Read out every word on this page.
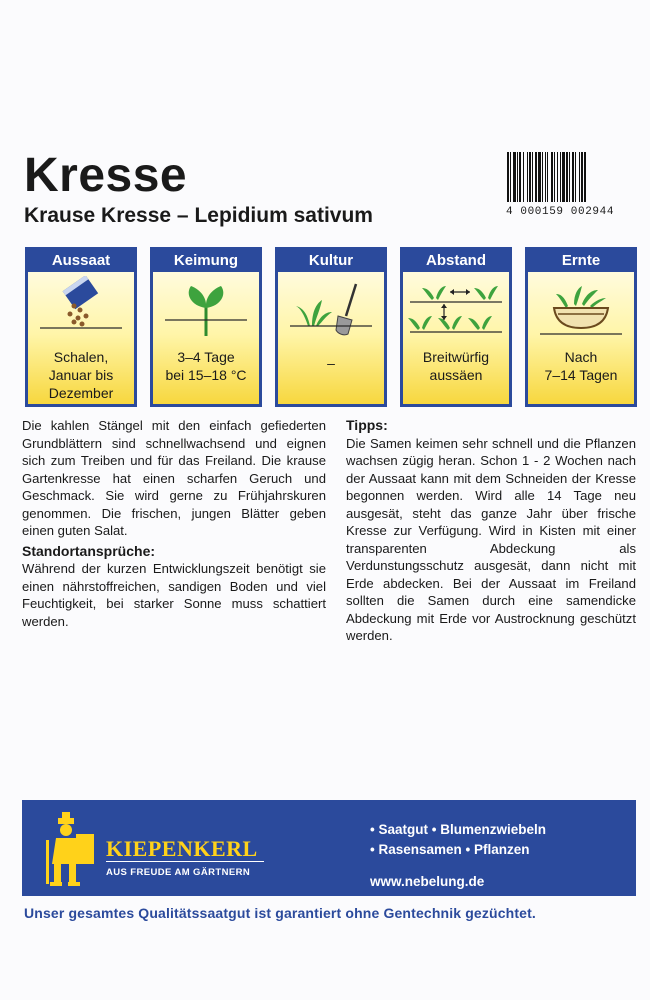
Kresse
Krause Kresse – Lepidium sativum	4 000159 002944
Aussaat
Schalen,
Januar bis
Dezember
Keimung
3–4 Tage
bei 15–18 °C
Kultur
–
Abstand
Breitwürfig
aussäen
Ernte
Nach
7–14 Tagen

Die kahlen Stängel mit den einfach gefiederten Grundblättern sind schnellwachsend und eignen sich zum Treiben und für das Freiland. Die krause Gartenkresse hat einen scharfen Geruch und Geschmack. Sie wird gerne zu Frühjahrskuren genommen. Die frischen, jungen Blätter geben einen guten Salat.

Standortansprüche:

Während der kurzen Entwicklungszeit benötigt sie einen nährstoffreichen, sandigen Boden und viel Feuchtigkeit, bei starker Sonne muss schattiert werden.

Tipps:

Die Samen keimen sehr schnell und die Pflanzen wachsen zügig heran. Schon 1 - 2 Wochen nach der Aussaat kann mit dem Schneiden der Kresse begonnen werden. Wird alle 14 Tage neu ausgesät, steht das ganze Jahr über frische Kresse zur Verfügung. Wird in Kisten mit einer transparenten Abdeckung als Verdunstungsschutz ausgesät, dann nicht mit Erde abdecken. Bei der Aussaat im Freiland sollten die Samen durch eine samendicke Abdeckung mit Erde vor Austrocknung geschützt werden.

KIEPENKERL
AUS FREUDE AM GÄRTNERN
• Saatgut • Blumenzwiebeln
• Rasensamen • Pflanzen
www.nebelung.de
Unser gesamtes Qualitätssaatgut ist garantiert ohne Gentechnik gezüchtet.
